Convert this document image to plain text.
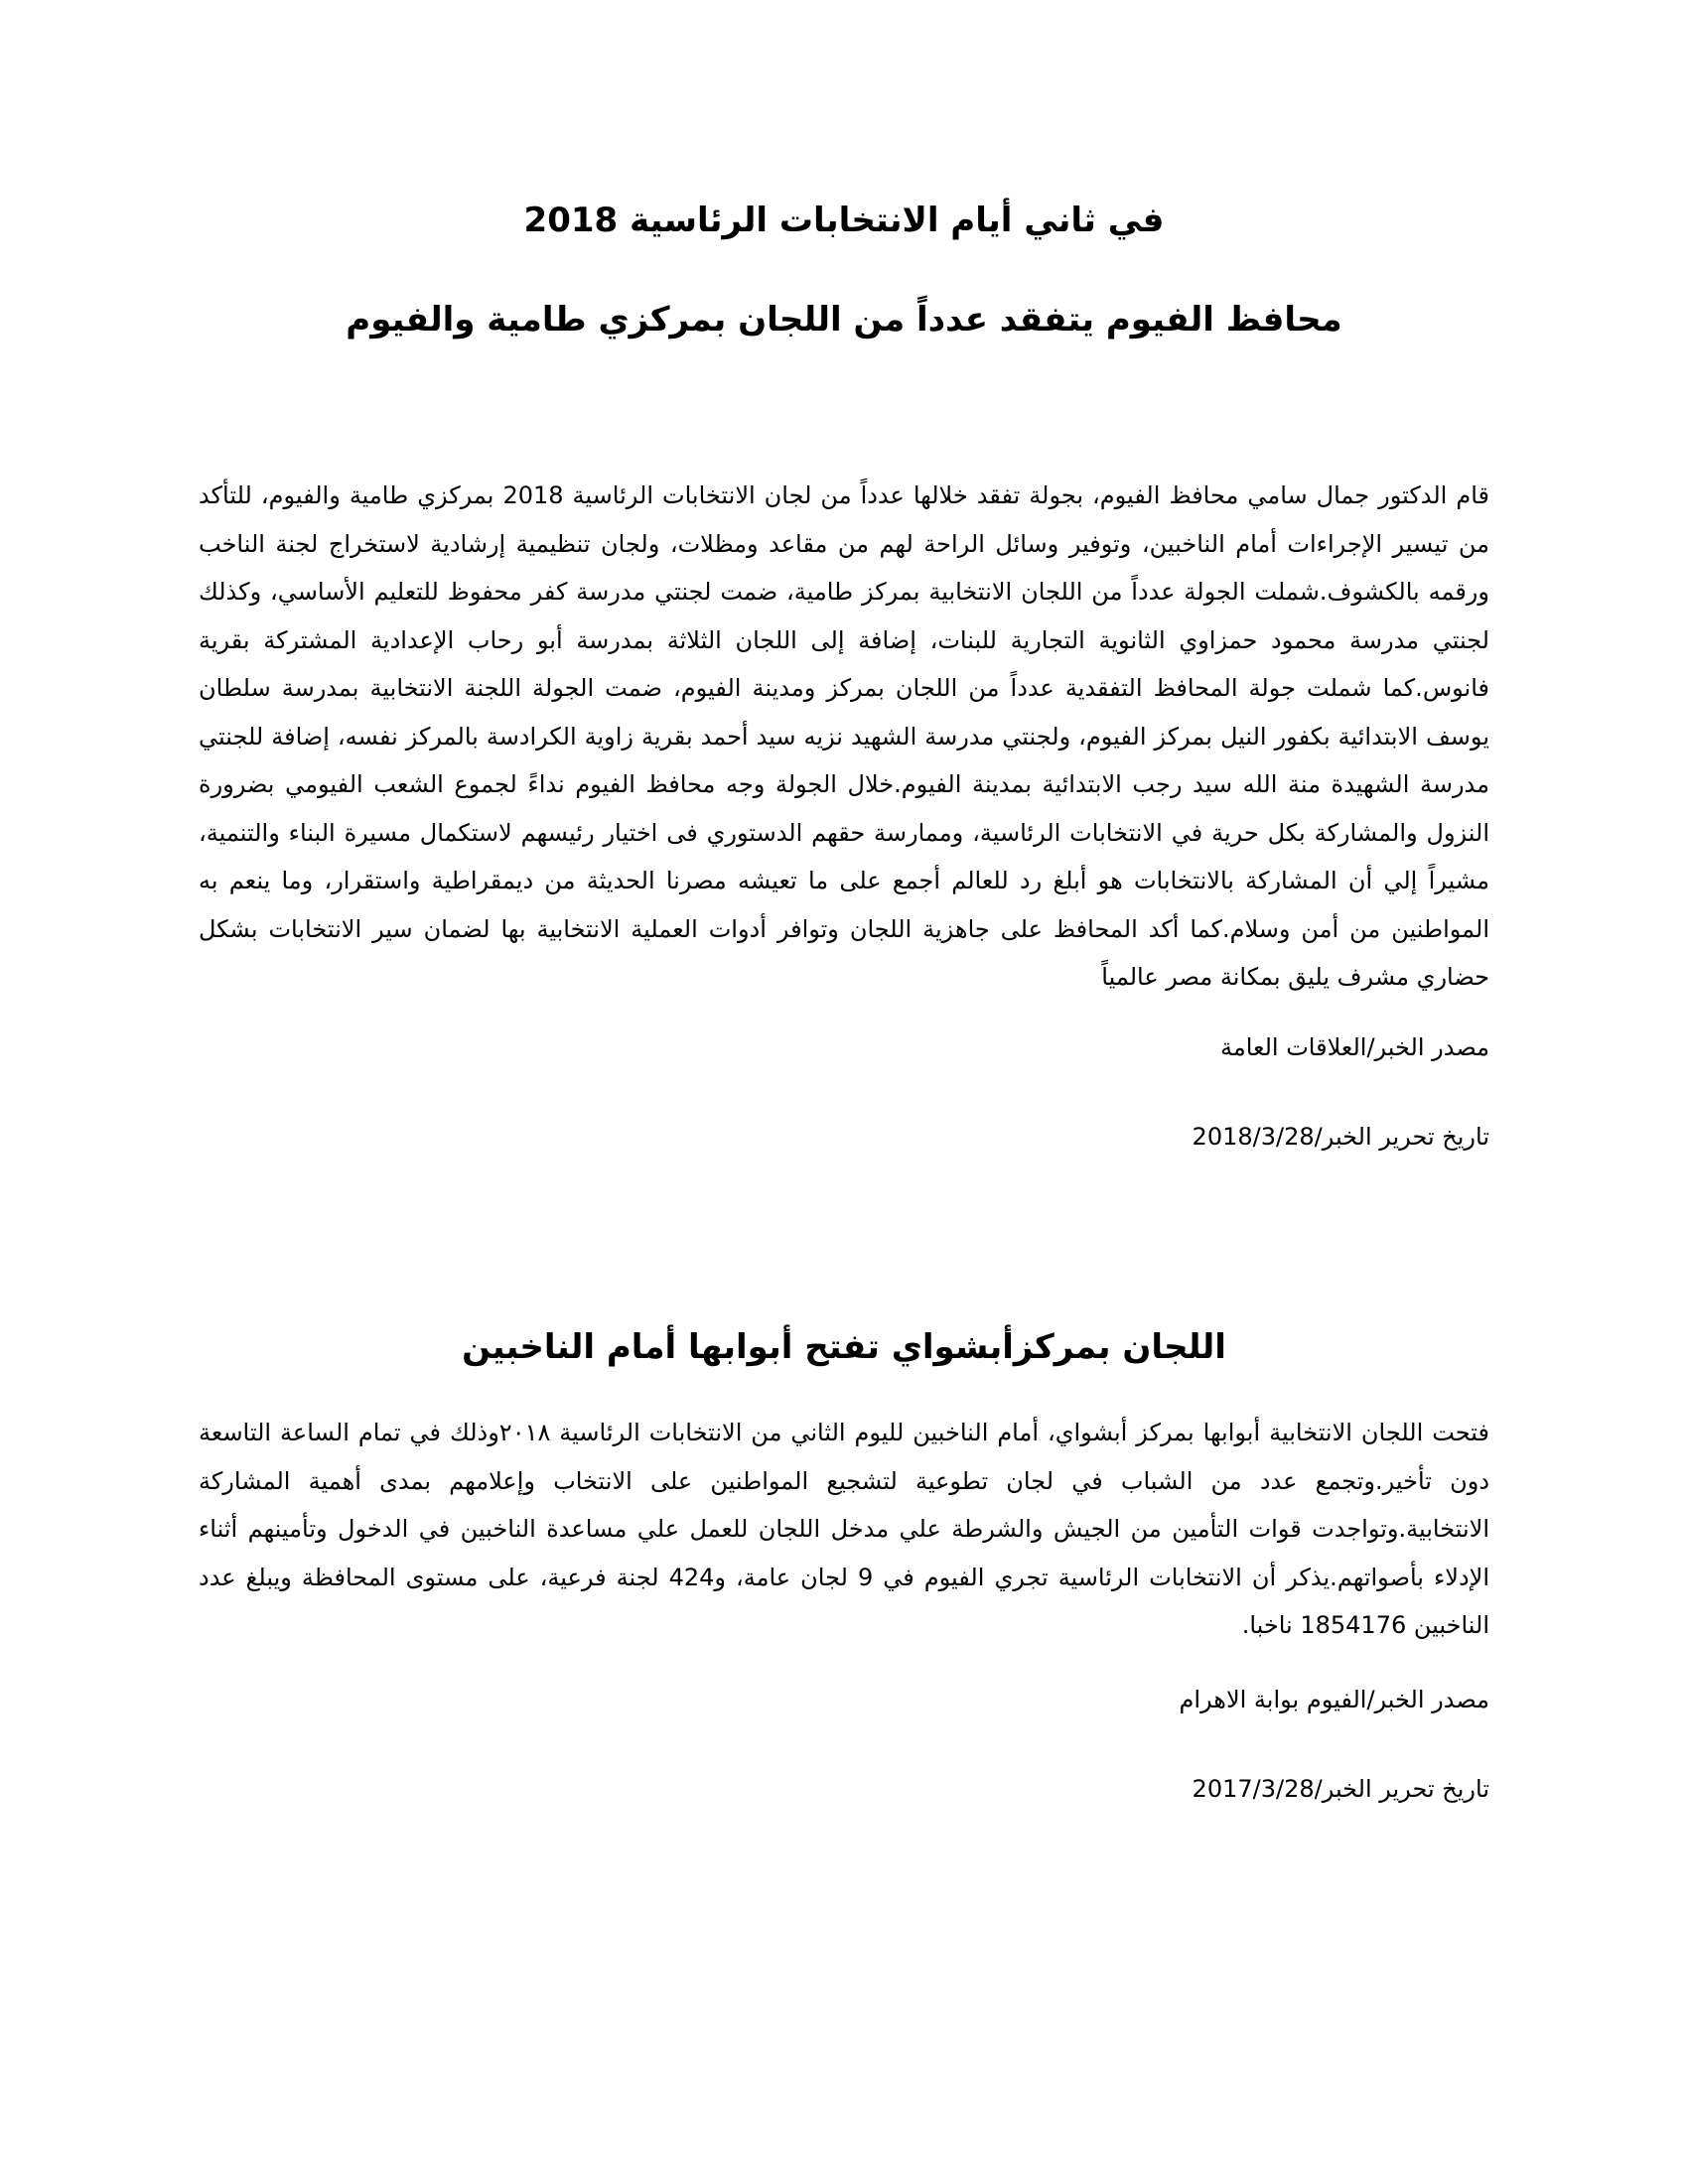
في ثاني أيام الانتخابات الرئاسية 2018
محافظ الفيوم يتفقد عدداً من اللجان بمركزي طامية والفيوم

قام الدكتور جمال سامي محافظ الفيوم، بجولة تفقد خلالها عدداً من لجان الانتخابات الرئاسية 2018 بمركزي طامية والفيوم، للتأكد من تيسير الإجراءات أمام الناخبين، وتوفير وسائل الراحة لهم من مقاعد ومظلات، ولجان تنظيمية إرشادية لاستخراج لجنة الناخب ورقمه بالكشوف.شملت الجولة عدداً من اللجان الانتخابية بمركز طامية، ضمت لجنتي مدرسة كفر محفوظ للتعليم الأساسي، وكذلك لجنتي مدرسة محمود حمزاوي الثانوية التجارية للبنات، إضافة إلى اللجان الثلاثة بمدرسة أبو رحاب الإعدادية المشتركة بقرية فانوس.كما شملت جولة المحافظ التفقدية عدداً من اللجان بمركز ومدينة الفيوم، ضمت الجولة اللجنة الانتخابية بمدرسة سلطان يوسف الابتدائية بكفور النيل بمركز الفيوم، ولجنتي مدرسة الشهيد نزيه سيد أحمد بقرية زاوية الكرادسة بالمركز نفسه، إضافة للجنتي مدرسة الشهيدة منة الله سيد رجب الابتدائية بمدينة الفيوم.خلال الجولة وجه محافظ الفيوم نداءً لجموع الشعب الفيومي بضرورة النزول والمشاركة بكل حرية في الانتخابات الرئاسية، وممارسة حقهم الدستوري فى اختيار رئيسهم لاستكمال مسيرة البناء والتنمية، مشيراً إلي أن المشاركة بالانتخابات هو أبلغ رد للعالم أجمع على ما تعيشه مصرنا الحديثة من ديمقراطية واستقرار، وما ينعم به المواطنين من أمن وسلام.كما أكد المحافظ على جاهزية اللجان وتوافر أدوات العملية الانتخابية بها لضمان سير الانتخابات بشكل حضاري مشرف يليق بمكانة مصر عالمياً

مصدر الخبر/العلاقات العامة

تاريخ تحرير الخبر/2018/3/28

اللجان بمركزأبشواي تفتح أبوابها أمام الناخبين

فتحت اللجان الانتخابية أبوابها بمركز أبشواي، أمام الناخبين لليوم الثاني من الانتخابات الرئاسية ٢٠١٨وذلك في تمام الساعة التاسعة دون تأخير.وتجمع عدد من الشباب في لجان تطوعية لتشجيع المواطنين على الانتخاب وإعلامهم بمدى أهمية المشاركة الانتخابية.وتواجدت قوات التأمين من الجيش والشرطة علي مدخل اللجان للعمل علي مساعدة الناخبين في الدخول وتأمينهم أثناء الإدلاء بأصواتهم.يذكر أن الانتخابات الرئاسية تجري الفيوم في 9 لجان عامة، و424 لجنة فرعية، على مستوى المحافظة ويبلغ عدد الناخبين 1854176 ناخبا.

مصدر الخبر/الفيوم بوابة الاهرام

تاريخ تحرير الخبر/2017/3/28
